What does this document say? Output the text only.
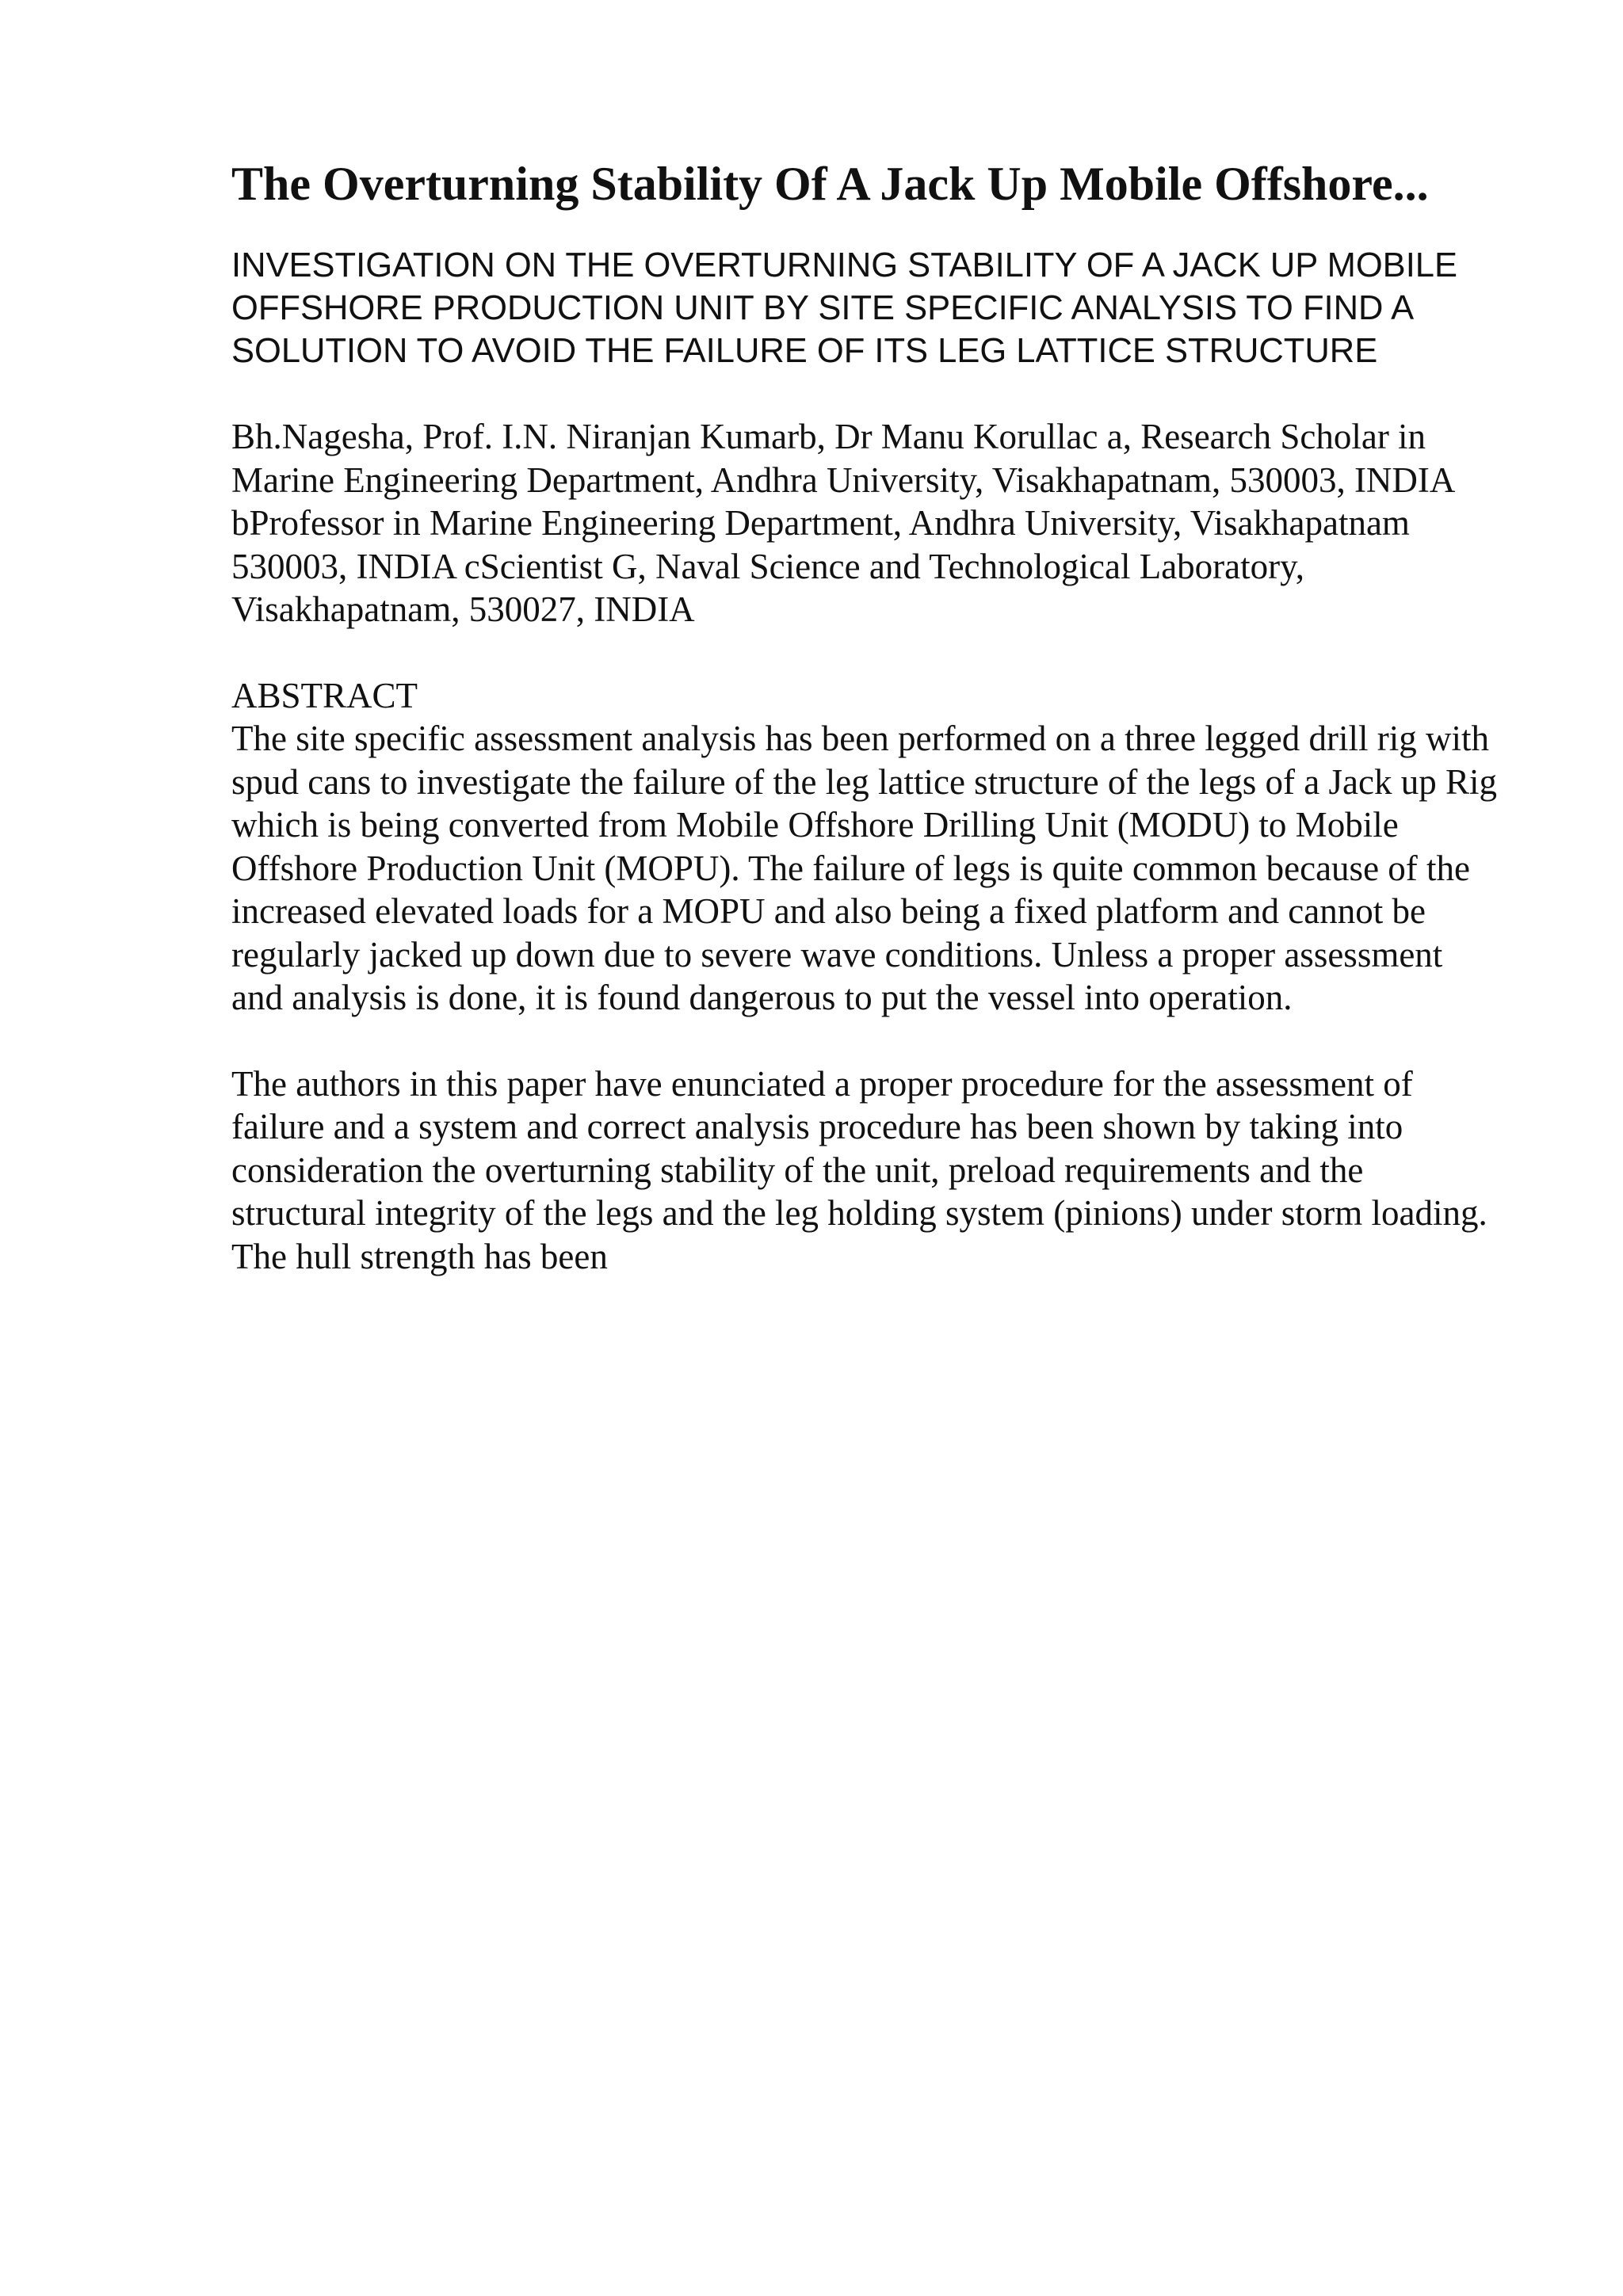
The Overturning Stability Of A Jack Up Mobile Offshore...

INVESTIGATION ON THE OVERTURNING STABILITY OF A JACK UP MOBILE OFFSHORE PRODUCTION UNIT BY SITE SPECIFIC ANALYSIS TO FIND A SOLUTION TO AVOID THE FAILURE OF ITS LEG LATTICE STRUCTURE

Bh.Nagesha, Prof. I.N. Niranjan Kumarb, Dr Manu Korullac a, Research Scholar in Marine Engineering Department, Andhra University, Visakhapatnam, 530003, INDIA bProfessor in Marine Engineering Department, Andhra University, Visakhapatnam 530003, INDIA cScientist G, Naval Science and Technological Laboratory, Visakhapatnam, 530027, INDIA

ABSTRACT

The site specific assessment analysis has been performed on a three legged drill rig with spud cans to investigate the failure of the leg lattice structure of the legs of a Jack up Rig which is being converted from Mobile Offshore Drilling Unit (MODU) to Mobile Offshore Production Unit (MOPU). The failure of legs is quite common because of the increased elevated loads for a MOPU and also being a fixed platform and cannot be regularly jacked up down due to severe wave conditions. Unless a proper assessment and analysis is done, it is found dangerous to put the vessel into operation.

The authors in this paper have enunciated a proper procedure for the assessment of failure and a system and correct analysis procedure has been shown by taking into consideration the overturning stability of the unit, preload requirements and the structural integrity of the legs and the leg holding system (pinions) under storm loading. The hull strength has been
